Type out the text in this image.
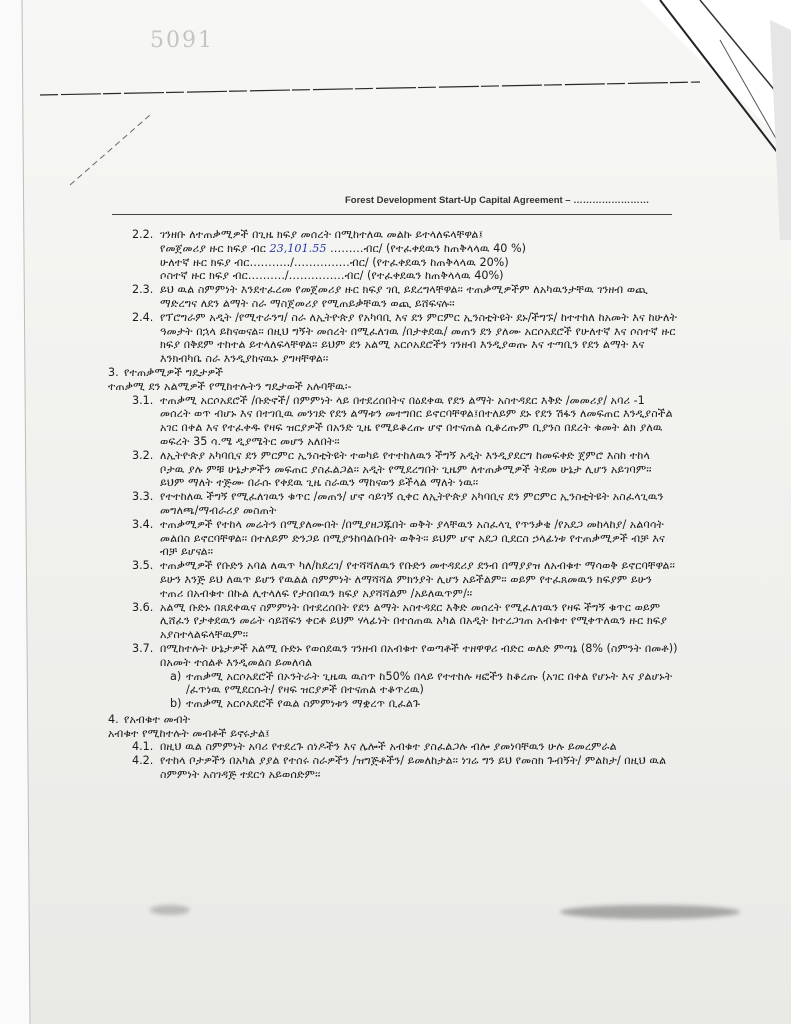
5091
Forest Development Start-Up Capital Agreement – ……………………
2.2. ገንዘቡ ለተጠቃሚዎች በጊዜ ክፍያ መሰረት በሚከተለዉ መልኩ ይተላለፍላቸዋል፤
የመጀመሪያ ዙር ክፍያ ብር 23,101.55 ………ብር/ (የተፈቀደዉን ከጠቅላላዉ 40 %)
ሁለተኛ ዙር ክፍያ ብር………../……………ብር/ (የተፈቀደዉን ከጠቅላላዉ 20%)
ሶስተኛ ዙር ክፍያ ብር………./……………ብር/ (የተፈቀደዉን ከጠቅላላዉ 40%)
2.3. ይህ ዉል ስምምነት እንደተፈረመ የመጀመሪያ ዙር ክፍያ ገቢ ይደረግላቸዋል፡፡ ተጠቃሚዎችም ለአካዉንታቸዉ ገንዘብ ወጪ ማድረግና ለደን ልማት ስራ ማስጀመሪያ የሚጠይቃቸዉን ወጪ ይሸፍናሉ፡፡
2.4. የፕሮግራም አዲት /የሚተራንግ/ ስራ ለኢትዮጵያ የአካባቢ እና ደን ምርምር ኢንስቲትዩት ደኑ/ችግኙ/ ከተተከለ ከአመት እና ከሁለት ዓመታት በኋላ ይከናወናል፡፡ በዚህ ግኝት መሰረት በሚፈለገዉ /በታቀደዉ/ መጠን ደን ያለሙ አርሶአደሮች የሁለተኛ እና ሶስተኛ ዙር ክፍያ በቅደም ተከተል ይተላለፍላቸዋል፡፡ ይህም ደን አልሚ አርሶአደሮችን ገንዘብ እንዲያወጡ እና ተጣቢን የደን ልማት እና እንክብካቤ ስራ እንዲያከናዉኑ ያግዛቸዋል፡፡
3. የተጠቃሚዎች ግዴታዎች
ተጠቃሚ ደን አልሚዎች የሚከተሉትን ግዴታወች አሉባቸዉ፡-
3.1. ተጠቃሚ አርሶአደሮች /ቡድኖች/ በምምነት ላይ በተደረሰበትና በዕደቀዉ የደን ልማት አስተዳደር እቅድ /መመሪያ/ አባሪ -1 መሰረት ወጥ ብሆኑ እና በተገቢዉ መንገድ የደን ልማቱን መተግበር ይኖርባቸዋል፤በተለይም ደኑ የደን ሽፋን ለመፍጠር እንዲያስችል አገር በቀል እና የተፈቀዱ የዛፍ ዝርያዎች በአንድ ጊዜ የሚይቆረጡ ሆኖ በተናጠል ሲቆረጡም ቢያንስ በደረት ቁመት ልክ ያለዉ ወፍረት 35 ሳ.ሜ ዲያሜትር መሆን አለበት፡፡
3.2. ለኢትዮጵያ አካባቢና ደን ምርምር ኢንስቲትዩት ተወካይ የተተከለዉን ችግኝ አዲት እንዲያደርግ ከመፍቀድ ጀምሮ እስከ ተከላ ቦታዉ ያሉ ምቹ ሁኔታዎችን መፍጠር ያስፈልጋል፡፡ አዲት የሚደረግበት ጊዜም ለተጠቃሚዎች ትደመ ሁኔታ ሊሆን አይገባም፡፡ ይህም ማለት ተጅሙ በራሱ የቀደዉ ጊዜ ስራዉን ማከናወን ይችላል ማለት ነዉ፡፡
3.3. የተተከለዉ ችግኝ የሚፈለገዉን ቁጥር /መጠን/ ሆኖ ሳይገኝ ሲቀር ለኢትዮጵያ አካባቢና ደን ምርምር ኢንስቲትዩት አስፈላጊዉን መግለጫ/ማብራሪያ መስጠት
3.4. ተጠቃሚዎች የተከላ መሬትን በሚያለሙበት /በሚያዘጋጁበት ወቅት ያላቸዉን አስፈላጊ የጥንቃቄ /የአደጋ መከላከያ/ አልባሳት መልበስ ይኖርባቸዋል፡፡ በተለይም ድንጋይ በሚያንከባልቡበት ወቅት፡፡ ይህም ሆኖ አደጋ ቢደርስ ኃላፊነቱ የተጠቃሚዎች ብቻ እና ብቻ ይሆናል፡፡
3.5. ተጠቃሚዎች የቡድን አባል ለዉጥ ካለ/ከደረገ/ የተሻሻለዉን የቡድን መተዳደሪያ ደንብ በማያያዝ ለአብቁተ ማሳወቅ ይኖርባቸዋል፡፡ ይሁን እንጅ ይህ ለዉጥ ይሆን የዉልል ስምምነት ለማሻሻል ምክንያት ሊሆን አይችልም፡፡ ወይም የተፈጸመዉን ክፍያም ይሁን ተጠሪ በአብቁተ በኩል ሊተላለፍ የታሰበዉን ክፍያ አያሻሻልም /አይለዉጥም/፡፡
3.6. አልሚ ቡድኑ በጸደቀዉና ስምምነት በተደረሰበት የደን ልማት አስተዳደር እቅድ መሰረት የሚፈለገዉን የዛፍ ችግኝ ቁጥር ወይም ሊሸፈን የታቀደዉን መሬት ሳይሸፍን ቀርቶ ይህም ሃላፊነት በተሰጠዉ አካል በአዲት ከተረጋገጠ አብቁተ የሚቀጥለዉን ዙር ክፍያ አያስተላልፍላቸዉም፡፡
3.7. በሚከተሉት ሁኔታዎች አልሚ ቡድኑ የወሰደዉን ገንዘብ በአብቁተ የወጣቶች ተዘዋዋሪ ብድር ወለድ ምጣኔ (8% (ስምንት በመቶ)) በአመት ተሰልቶ እንዲመልስ ይመለሳል
a) ተጠቃሚ አርሶአደሮች በኦንትራት ጊዜዉ ዉስጥ ከ50% በላይ የተተከሉ ዛፎችን ከቆረጡ (አገር በቀል የሆኑት እና ያልሆኑት /ፈጥነዉ የሚደርሱት/ የዛፍ ዝርያዎች በተናጠል ተቆጥረዉ)
b) ተጠቃሚ አርሶአደሮች የዉል ስምምነቱን ማቋረጥ ቢፈልጉ
4. የአብቁተ መብት
አብቁተ የሚከተሉት መብቶች ይኖሩታል፤
4.1. በዚህ ዉል ስምምነት አባሪ የተደረጉ ሰነዶችን እና ሌሎች አብቁተ ያስፈልጋሉ ብሎ ያመነባቸዉን ሁሉ ይመረምራል
4.2. የተከላ ቦታዎችን በአካል ያያል የተሰሩ ስራዎችን /ዝግጅቶችን/ ይመለከታል፡፡ ነገሬ ግን ይህ የመስክ ጉብኝት/ ምልከታ/ በዚህ ዉል ስምምነት አስገዳጅ ተደርጎ አይወሰድም፡፡
